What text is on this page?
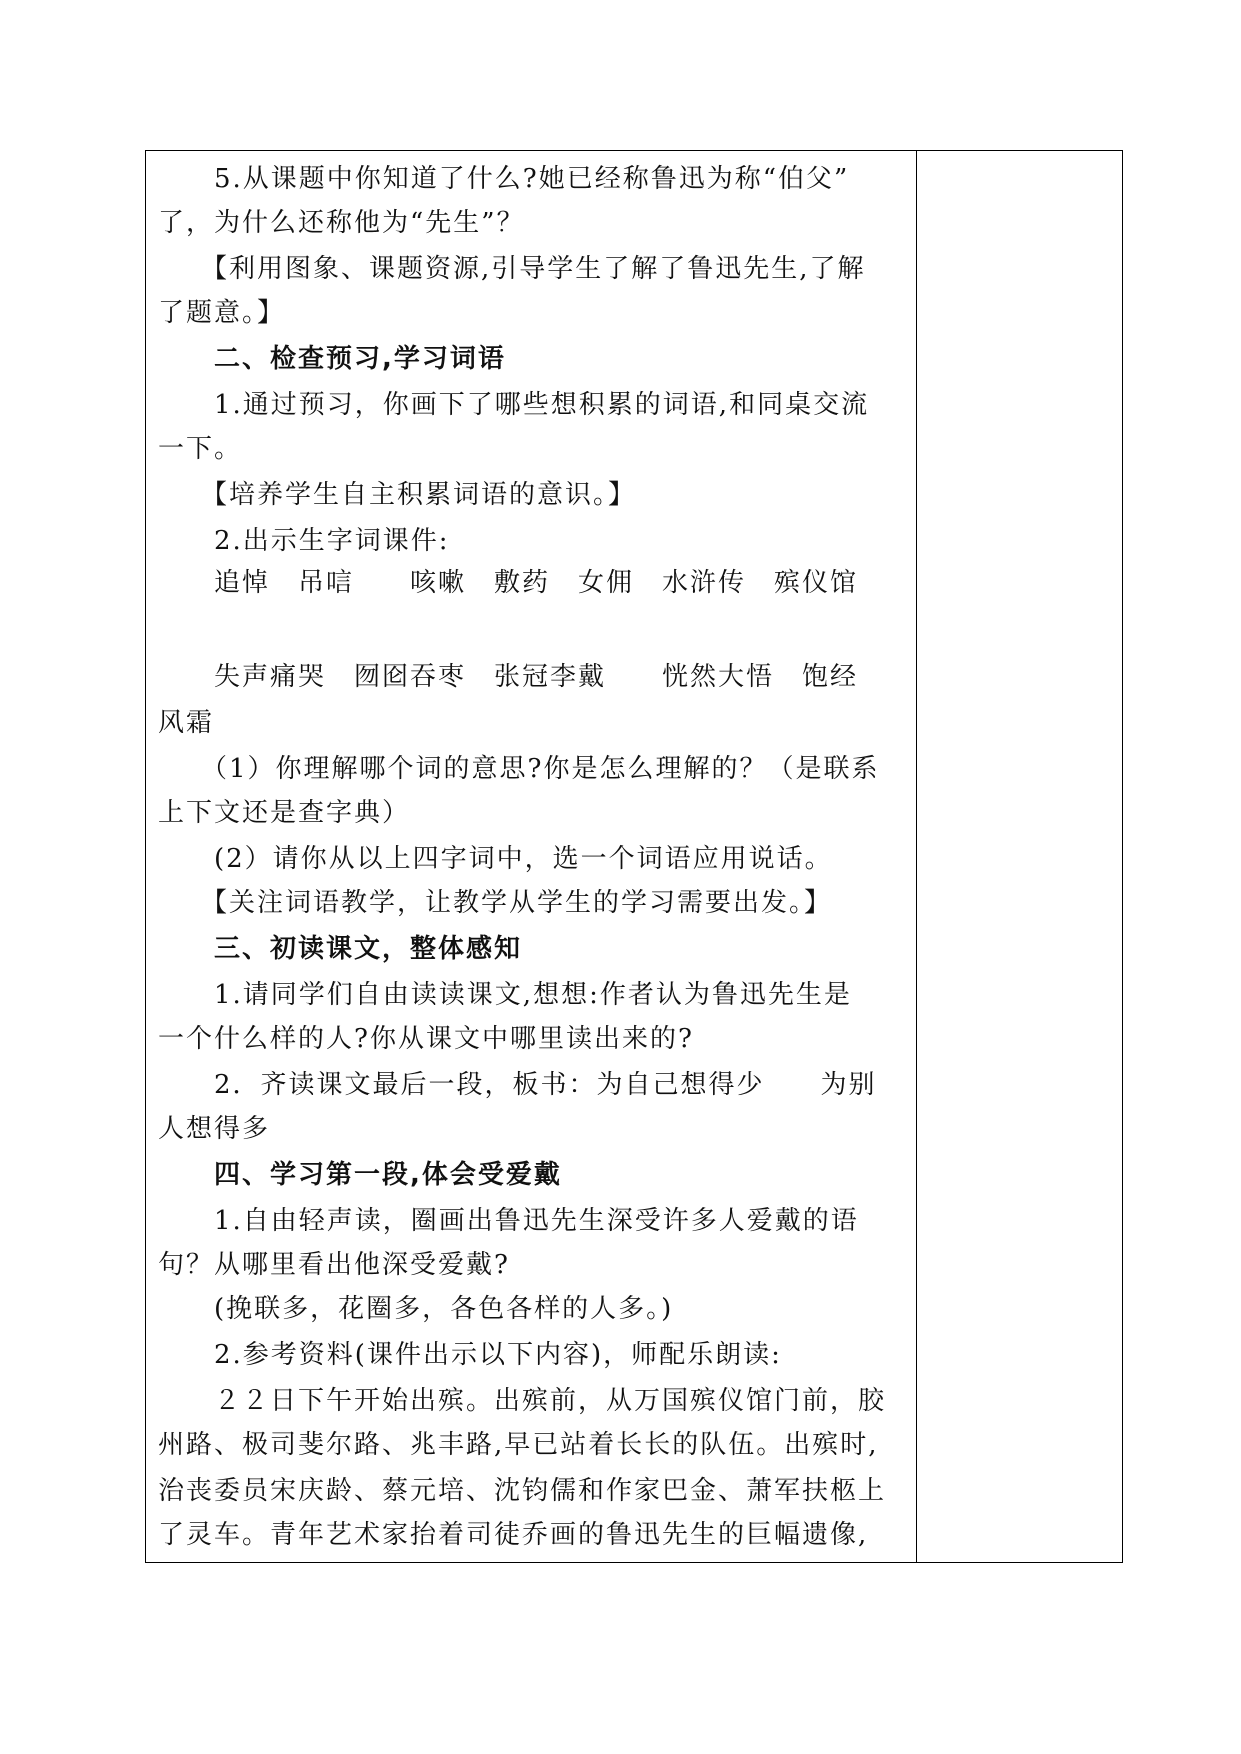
　　5.从课题中你知道了什么?她已经称鲁迅为称“伯父”
了，为什么还称他为“先生”？
　　【利用图象、课题资源,引导学生了解了鲁迅先生,了解
了题意。】
　　二、检查预习,学习词语
　　1.通过预习，你画下了哪些想积累的词语,和同桌交流
一下。
　　【培养学生自主积累词语的意识。】
　　2.出示生字词课件:
　　追悼　吊唁　　咳嗽　敷药　女佣　水浒传　殡仪馆
　　失声痛哭　囫囵吞枣　张冠李戴　　恍然大悟　饱经
风霜
　　（1）你理解哪个词的意思?你是怎么理解的？（是联系
上下文还是查字典）
　　(2）请你从以上四字词中，选一个词语应用说话。
　　【关注词语教学，让教学从学生的学习需要出发。】
　　三、初读课文，整体感知
　　1.请同学们自由读读课文,想想:作者认为鲁迅先生是
一个什么样的人?你从课文中哪里读出来的?
　　2．齐读课文最后一段，板书：为自己想得少　　为别
人想得多
　　四、学习第一段,体会受爱戴
　　1.自由轻声读，圈画出鲁迅先生深受许多人爱戴的语
句？从哪里看出他深受爱戴?
　　(挽联多，花圈多，各色各样的人多。)
　　2.参考资料(课件出示以下内容)，师配乐朗读:
　　２２日下午开始出殡。出殡前，从万国殡仪馆门前，胶
州路、极司斐尔路、兆丰路,早已站着长长的队伍。出殡时,
治丧委员宋庆龄、蔡元培、沈钧儒和作家巴金、萧军扶柩上
了灵车。青年艺术家抬着司徒乔画的鲁迅先生的巨幅遗像,
